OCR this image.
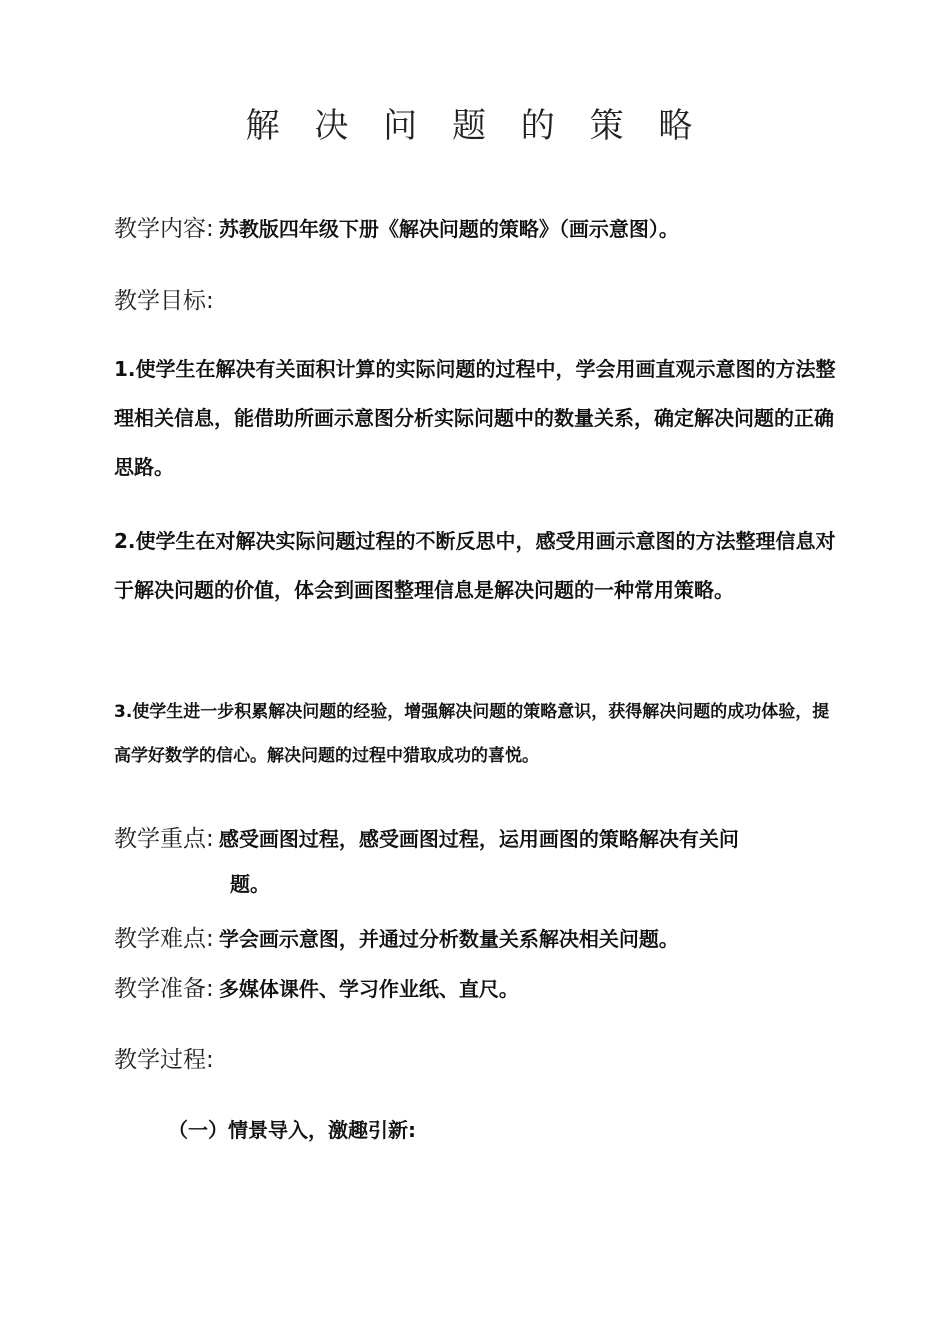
解 决 问 题 的 策 略
教学内容: 苏教版四年级下册《解决问题的策略》（画示意图）。
教学目标:
1.使学生在解决有关面积计算的实际问题的过程中，学会用画直观示意图的方法整理相关信息，能借助所画示意图分析实际问题中的数量关系，确定解决问题的正确思路。
2.使学生在对解决实际问题过程的不断反思中，感受用画示意图的方法整理信息对于解决问题的价值，体会到画图整理信息是解决问题的一种常用策略。
3.使学生进一步积累解决问题的经验，增强解决问题的策略意识，获得解决问题的成功体验，提高学好数学的信心。解决问题的过程中猎取成功的喜悦。
教学重点: 感受画图过程，感受画图过程，运用画图的策略解决有关问
题。
教学难点: 学会画示意图，并通过分析数量关系解决相关问题。
教学准备: 多媒体课件、学习作业纸、直尺。
教学过程:
（一）情景导入，激趣引新:
